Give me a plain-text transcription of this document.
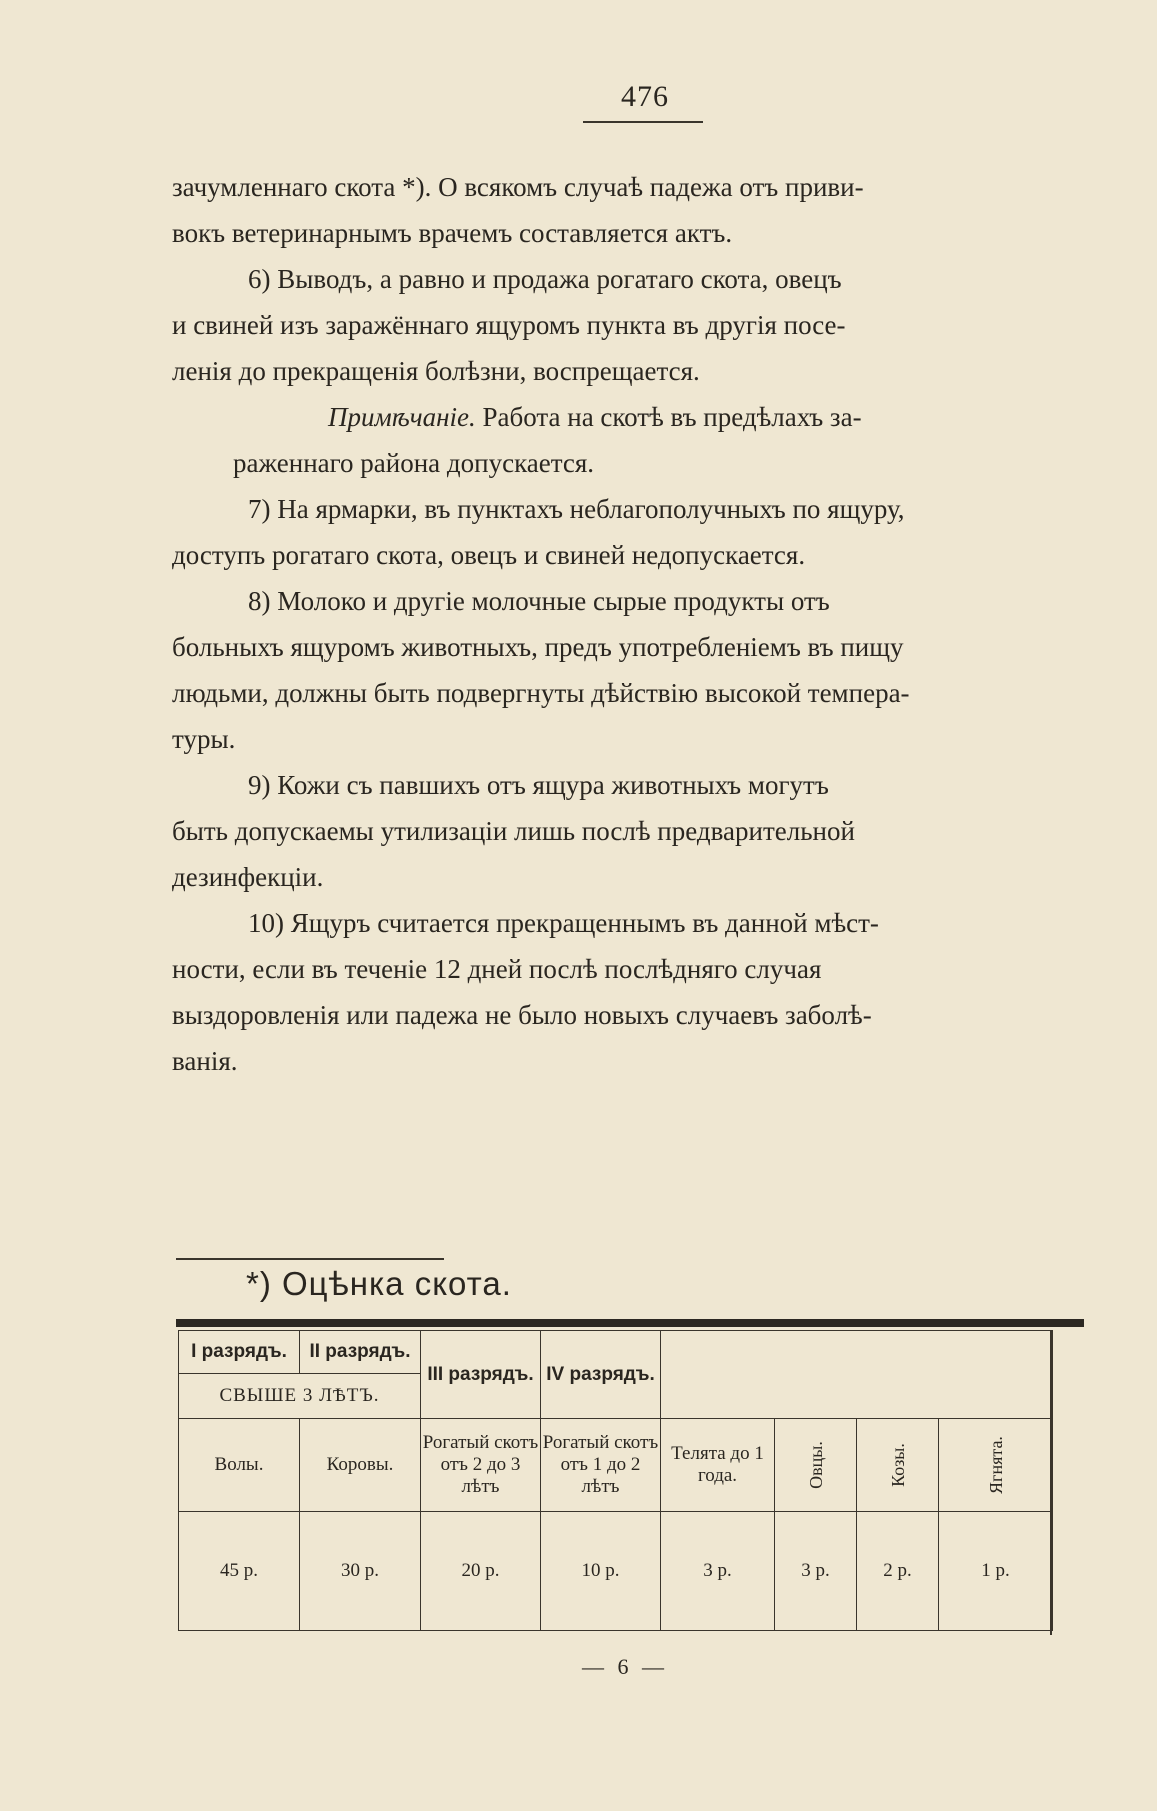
476

зачумленнаго скота *). О всякомъ случаѣ падежа отъ приви-
вокъ ветеринарнымъ врачемъ составляется актъ.

6) Выводъ, а равно и продажа рогатаго скота, овецъ
и свиней изъ заражённаго ящуромъ пункта въ другія посе-
ленія до прекращенія болѣзни, воспрещается.

Примѣчаніе. Работа на скотѣ въ предѣлахъ за-
раженнаго района допускается.

7) На ярмарки, въ пунктахъ неблагополучныхъ по ящуру,
доступъ рогатаго скота, овецъ и свиней недопускается.

8) Молоко и другіе молочные сырые продукты отъ
больныхъ ящуромъ животныхъ, предъ употребленіемъ въ пищу
людьми, должны быть подвергнуты дѣйствію высокой темпера-
туры.

9) Кожи съ павшихъ отъ ящура животныхъ могутъ
быть допускаемы утилизаціи лишь послѣ предварительной
дезинфекціи.

10) Ящуръ считается прекращеннымъ въ данной мѣст-
ности, если въ теченіе 12 дней послѣ послѣдняго случая
выздоровленія или падежа не было новыхъ случаевъ заболѣ-
ванія.

*) Оцѣнка скота.
I разрядъ.	II разрядъ.	III разрядъ.	IV разрядъ.				
СВЫШЕ 3 ЛѢТЪ.							
Волы.	Коровы.	Рогатый скотъ отъ 2 до 3 лѣтъ	Рогатый скотъ отъ 1 до 2 лѣтъ	Телята до 1 года.	Овцы.	Козы.	Ягнята.
45 р.	30 р.	20 р.	10 р.	3 р.	3 р.	2 р.	1 р.
— 6 —
